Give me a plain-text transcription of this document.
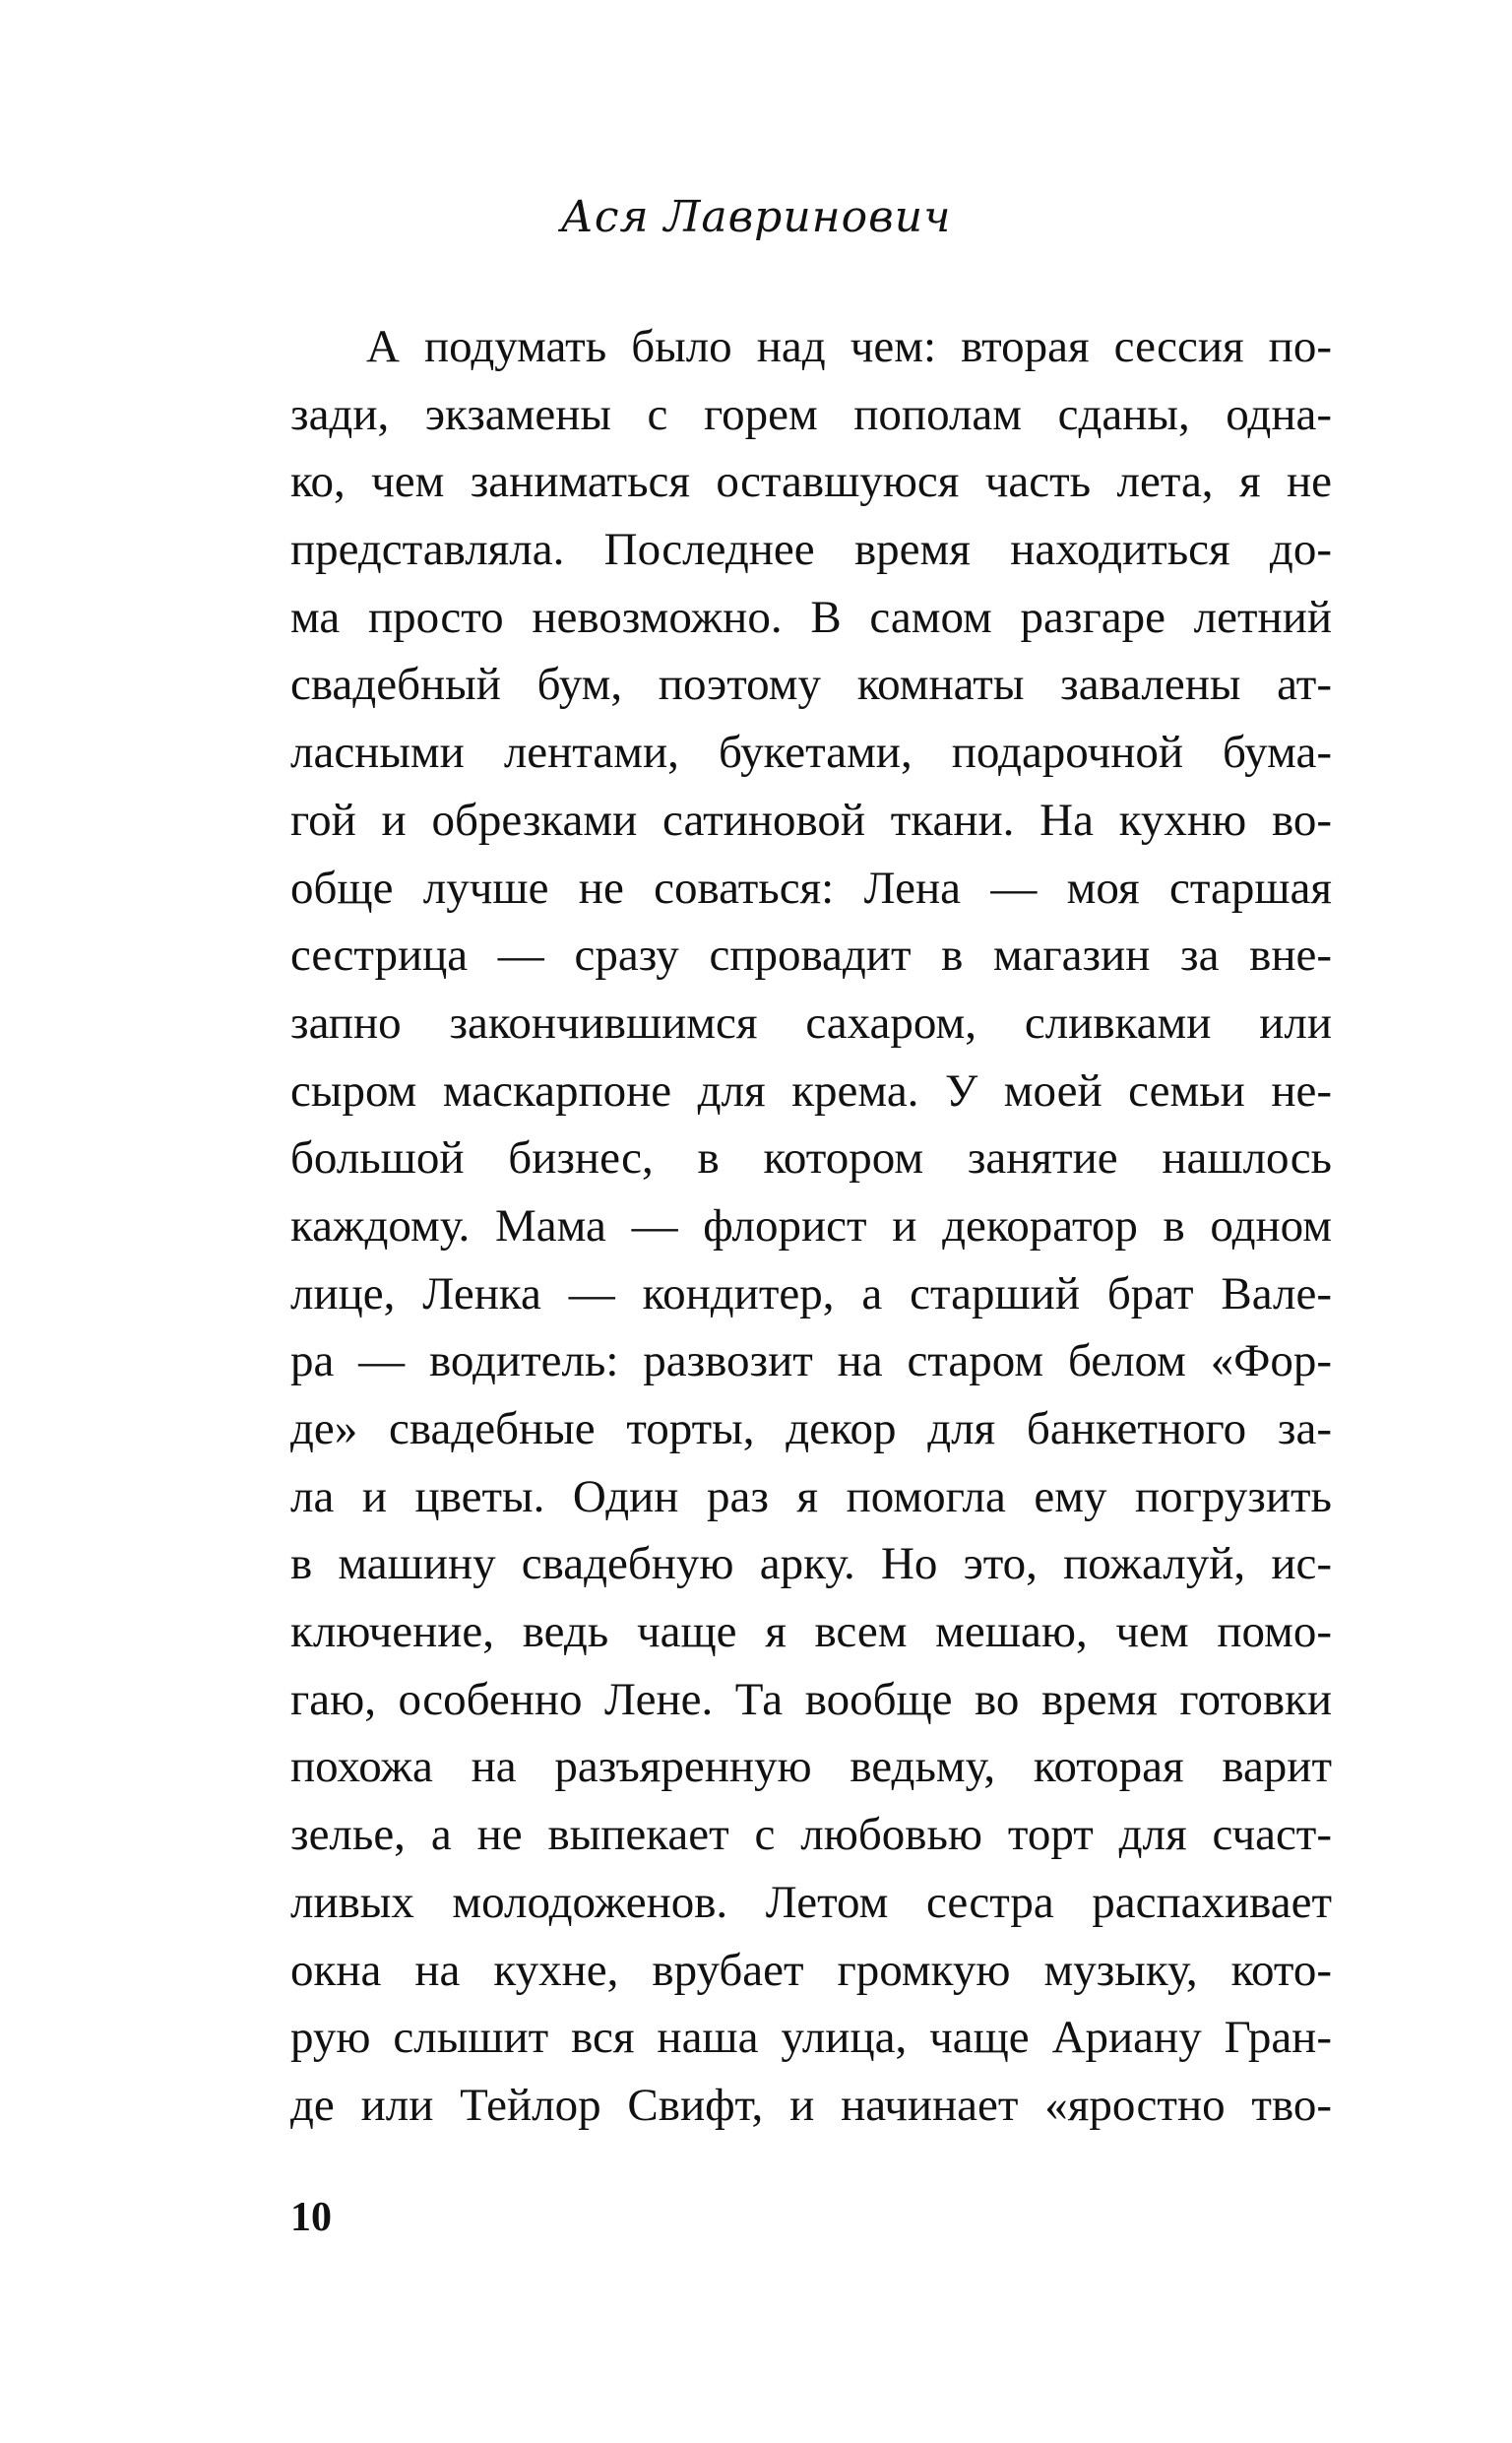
Ася Лавринович
А подумать было над чем: вторая сессия по-
зади, экзамены с горем пополам сданы, одна-
ко, чем заниматься оставшуюся часть лета, я не
представляла. Последнее время находиться до-
ма просто невозможно. В самом разгаре летний
свадебный бум, поэтому комнаты завалены ат-
ласными лентами, букетами, подарочной бума-
гой и обрезками сатиновой ткани. На кухню во-
обще лучше не соваться: Лена — моя старшая
сестрица — сразу спровадит в магазин за вне-
запно закончившимся сахаром, сливками или
сыром маскарпоне для крема. У моей семьи не-
большой бизнес, в котором занятие нашлось
каждому. Мама — флорист и декоратор в одном
лице, Ленка — кондитер, а старший брат Вале-
ра — водитель: развозит на старом белом «Фор-
де» свадебные торты, декор для банкетного за-
ла и цветы. Один раз я помогла ему погрузить
в машину свадебную арку. Но это, пожалуй, ис-
ключение, ведь чаще я всем мешаю, чем помо-
гаю, особенно Лене. Та вообще во время готовки
похожа на разъяренную ведьму, которая варит
зелье, а не выпекает с любовью торт для счаст-
ливых молодоженов. Летом сестра распахивает
окна на кухне, врубает громкую музыку, кото-
рую слышит вся наша улица, чаще Ариану Гран-
де или Тейлор Свифт, и начинает «яростно тво-
10
